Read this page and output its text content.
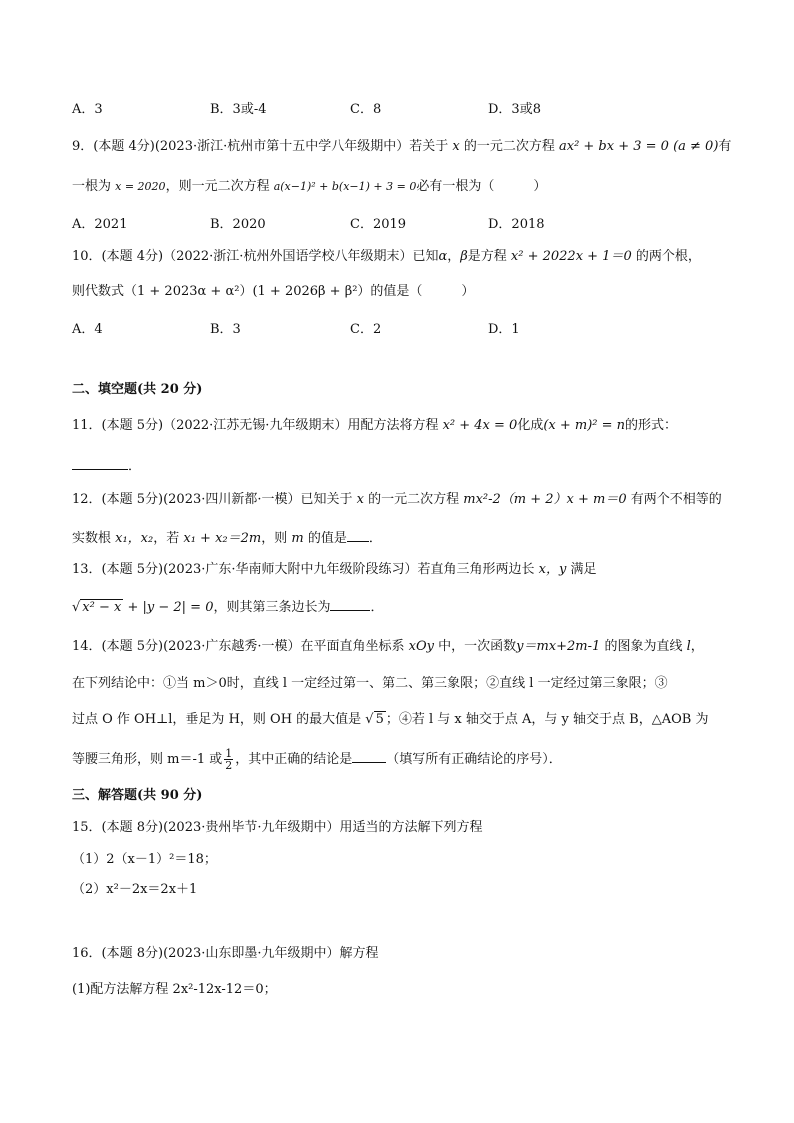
A．3	B．3或-4	C．8	D．3或8
9．(本题 4分)(2023·浙江·杭州市第十五中学八年级期中）若关于 x 的一元二次方程 ax² + bx + 3 = 0 (a ≠ 0)有
一根为 x = 2020，则一元二次方程 a(x−1)² + b(x−1) + 3 = 0必有一根为（　　　）
A．2021	B．2020	C．2019	D．2018
10．(本题 4分)（2022·浙江·杭州外国语学校八年级期末）已知α，β是方程 x² + 2022x + 1＝0 的两个根，
则代数式（1 + 2023α + α²）(1 + 2026β + β²）的值是（　　　）
A．4	B．3	C．2	D．1
二、填空题(共 20 分)
11．(本题 5分)（2022·江苏无锡·九年级期末）用配方法将方程 x² + 4x = 0化成(x + m)² = n的形式：
．
12．(本题 5分)(2023·四川新都·一模）已知关于 x 的一元二次方程 mx²-2（m + 2）x + m＝0 有两个不相等的
实数根 x₁，x₂，若 x₁ + x₂＝2m，则 m 的值是 ．
13．(本题 5分)(2023·广东·华南师大附中九年级阶段练习）若直角三角形两边长 x，y 满足
√ x² − x + |y − 2| = 0，则其第三条边长为	．
14．(本题 5分)(2023·广东越秀·一模）在平面直角坐标系 xOy 中，一次函数y＝mx+2m-1 的图象为直线 l，
在下列结论中：①当 m＞0时，直线 l 一定经过第一、第二、第三象限；②直线 l 一定经过第三象限；③
过点 O 作 OH⊥l，垂足为 H，则 OH 的最大值是 √ 5 ；④若 l 与 x 轴交于点 A，与 y 轴交于点 B，△AOB 为
等腰三角形，则 m＝-1 或 $\frac{1}{2}$ ，其中正确的结论是	（填写所有正确结论的序号）．
三、解答题(共 90 分)
15．(本题 8分)(2023·贵州毕节·九年级期中）用适当的方法解下列方程
（1）2（x－1）²＝18；
（2）x²－2x＝2x＋1
16．(本题 8分)(2023·山东即墨·九年级期中）解方程
(1)配方法解方程 2x²-12x-12＝0；
